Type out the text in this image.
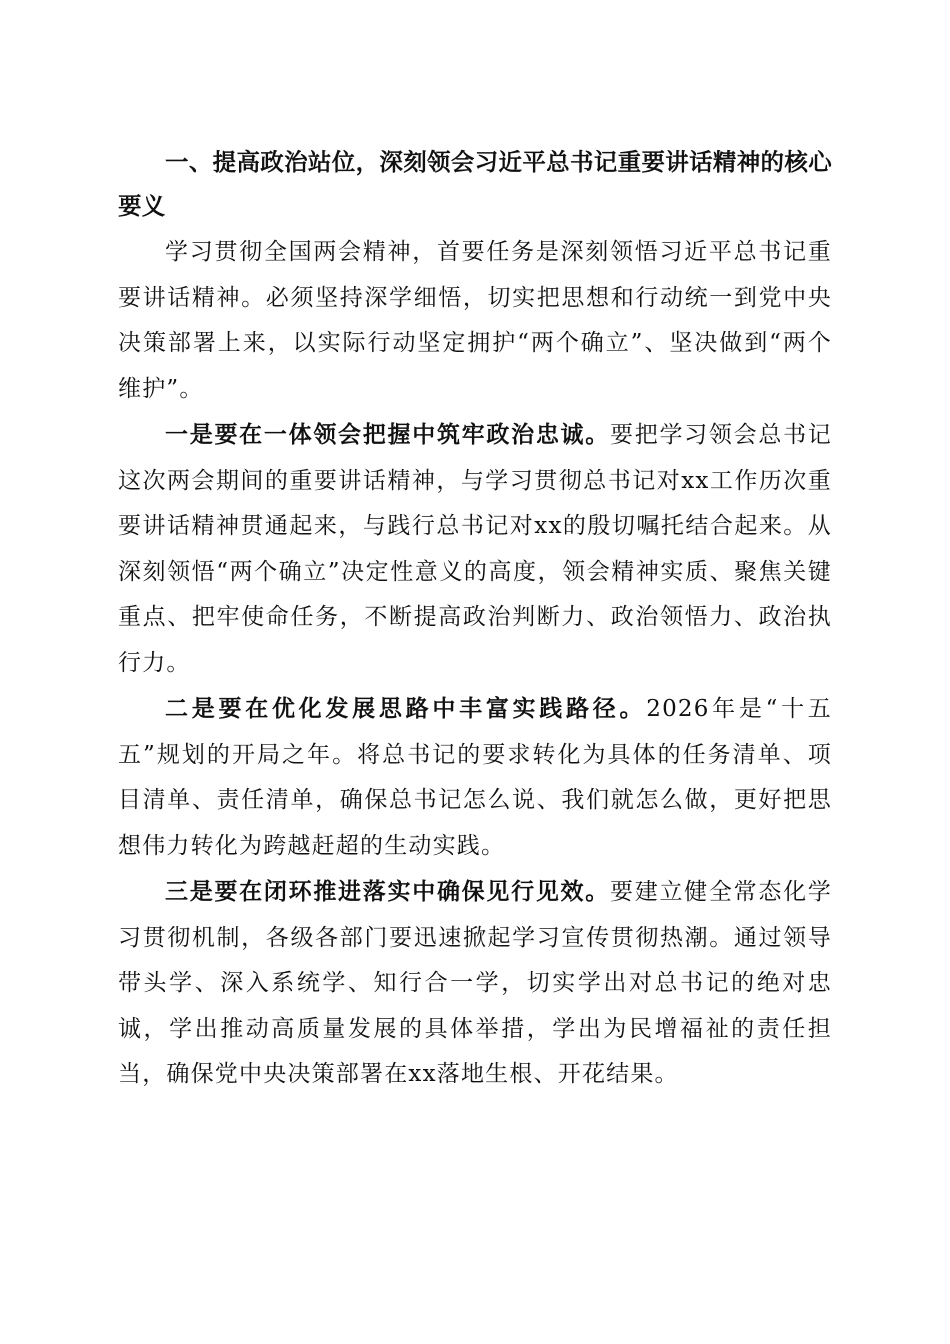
一、提高政治站位，深刻领会习近平总书记重要讲话精神的核心要义

学习贯彻全国两会精神，首要任务是深刻领悟习近平总书记重要讲话精神。必须坚持深学细悟，切实把思想和行动统一到党中央决策部署上来，以实际行动坚定拥护“两个确立”、坚决做到“两个维护”。

一是要在一体领会把握中筑牢政治忠诚。要把学习领会总书记这次两会期间的重要讲话精神，与学习贯彻总书记对xx工作历次重要讲话精神贯通起来，与践行总书记对xx的殷切嘱托结合起来。从深刻领悟“两个确立”决定性意义的高度，领会精神实质、聚焦关键重点、把牢使命任务，不断提高政治判断力、政治领悟力、政治执行力。

二是要在优化发展思路中丰富实践路径。2026年是“十五五”规划的开局之年。将总书记的要求转化为具体的任务清单、项目清单、责任清单，确保总书记怎么说、我们就怎么做，更好把思想伟力转化为跨越赶超的生动实践。

三是要在闭环推进落实中确保见行见效。要建立健全常态化学习贯彻机制，各级各部门要迅速掀起学习宣传贯彻热潮。通过领导带头学、深入系统学、知行合一学，切实学出对总书记的绝对忠诚，学出推动高质量发展的具体举措，学出为民增福祉的责任担当，确保党中央决策部署在xx落地生根、开花结果。
